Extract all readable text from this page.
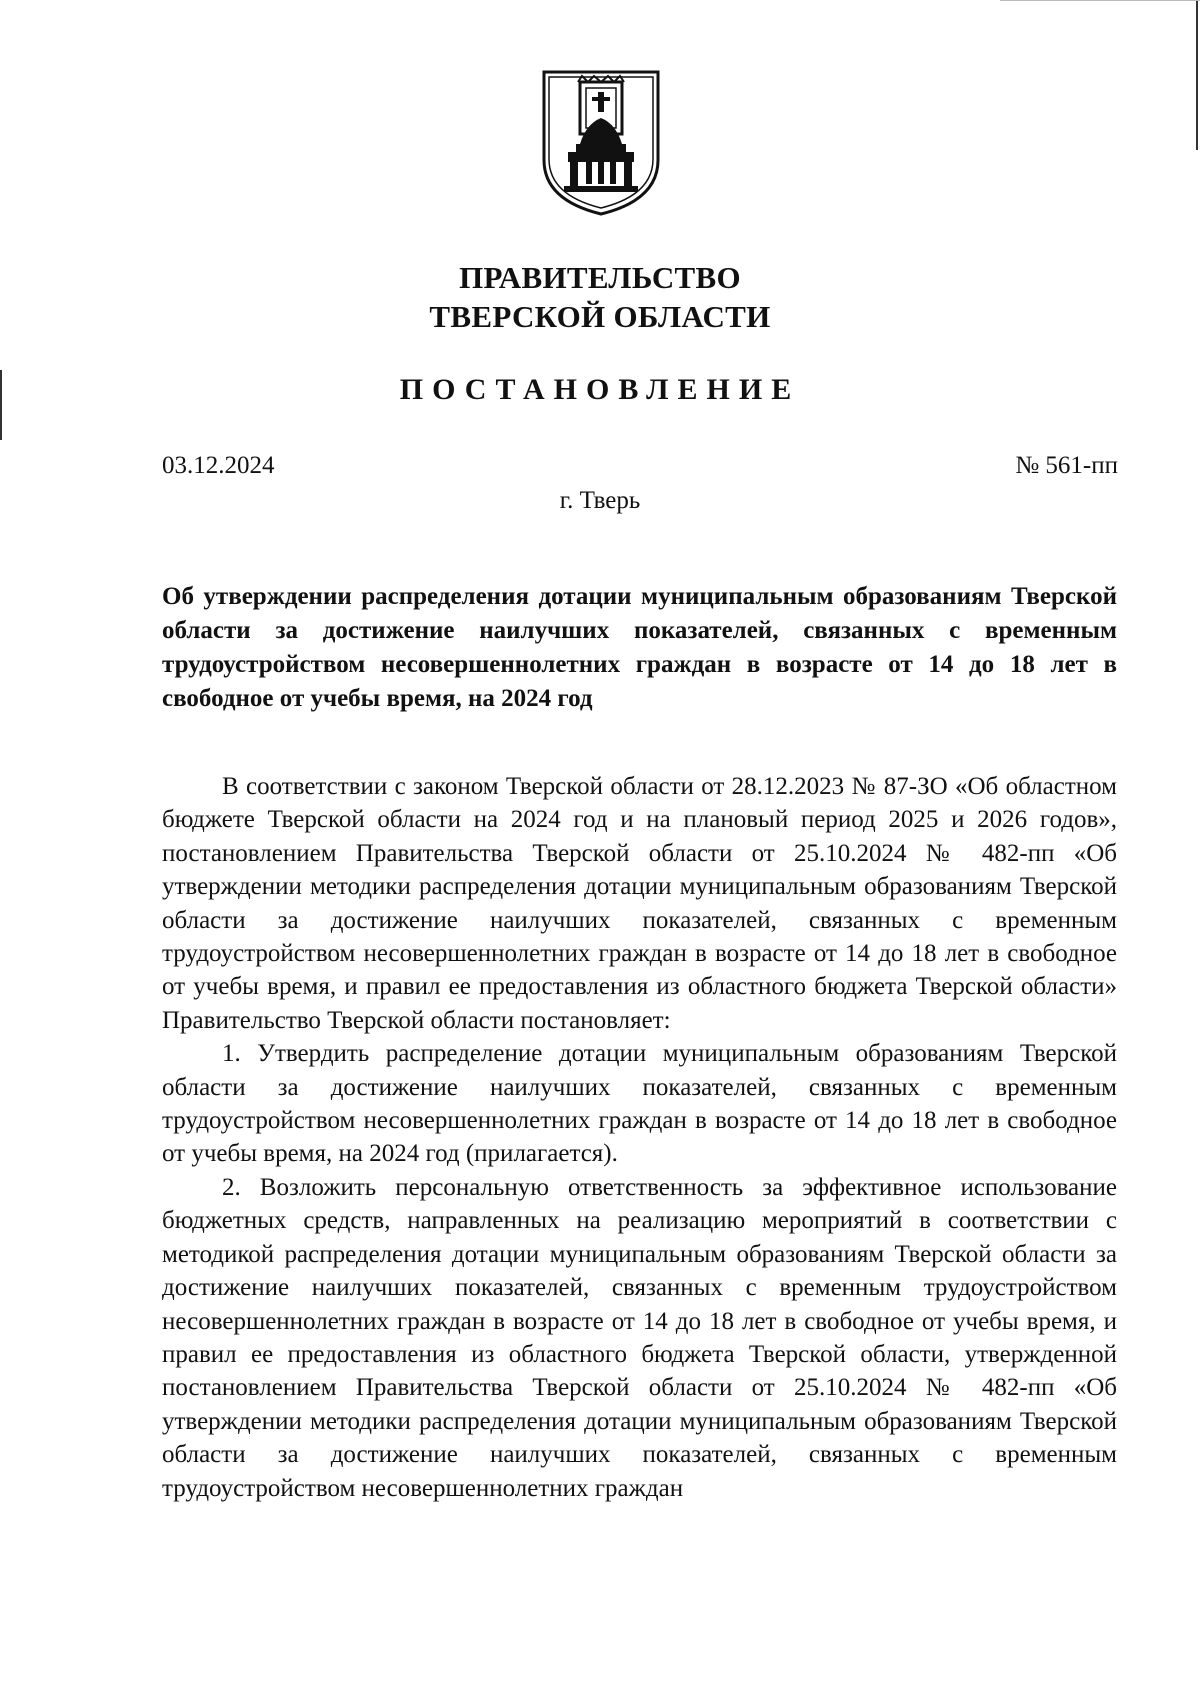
ПРАВИТЕЛЬСТВО
ТВЕРСКОЙ ОБЛАСТИ
ПОСТАНОВЛЕНИЕ
03.12.2024	№ 561-пп
г. Тверь
Об утверждении распределения дотации муниципальным образованиям Тверской области за достижение наилучших показателей, связанных с временным трудоустройством несовершеннолетних граждан в возрасте от 14 до 18 лет в свободное от учебы время, на 2024 год

В соответствии с законом Тверской области от 28.12.2023 № 87-ЗО «Об областном бюджете Тверской области на 2024 год и на плановый период 2025 и 2026 годов», постановлением Правительства Тверской области от 25.10.2024 № 482-пп «Об утверждении методики распределения дотации муниципальным образованиям Тверской области за достижение наилучших показателей, связанных с временным трудоустройством несовершеннолетних граждан в возрасте от 14 до 18 лет в свободное от учебы время, и правил ее предоставления из областного бюджета Тверской области» Правительство Тверской области постановляет:

1. Утвердить распределение дотации муниципальным образованиям Тверской области за достижение наилучших показателей, связанных с временным трудоустройством несовершеннолетних граждан в возрасте от 14 до 18 лет в свободное от учебы время, на 2024 год (прилагается).

2. Возложить персональную ответственность за эффективное использование бюджетных средств, направленных на реализацию мероприятий в соответствии с методикой распределения дотации муниципальным образованиям Тверской области за достижение наилучших показателей, связанных с временным трудоустройством несовершеннолетних граждан в возрасте от 14 до 18 лет в свободное от учебы время, и правил ее предоставления из областного бюджета Тверской области, утвержденной постановлением Правительства Тверской области от 25.10.2024 № 482-пп «Об утверждении методики распределения дотации муниципальным образованиям Тверской области за достижение наилучших показателей, связанных с временным трудоустройством несовершеннолетних граждан
